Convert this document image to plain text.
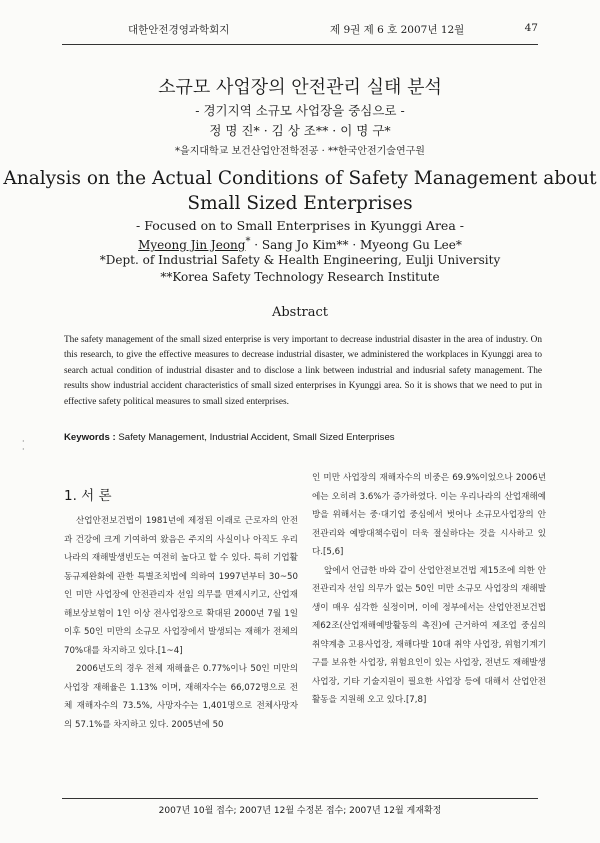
대한안전경영과학회지	제 9권 제 6 호 2007년 12월	47
소규모 사업장의 안전관리 실태 분석
- 경기지역 소규모 사업장을 중심으로 -
정 명 진* · 김 상 조** · 이 명 구*
*을지대학교 보건산업안전학전공 · **한국안전기술연구원
Analysis on the Actual Conditions of Safety Management about
Small Sized Enterprises
- Focused on to Small Enterprises in Kyunggi Area -
Myeong Jin Jeong* · Sang Jo Kim** · Myeong Gu Lee*
*Dept. of Industrial Safety & Health Engineering, Eulji University
**Korea Safety Technology Research Institute
Abstract

The safety management of the small sized enterprise is very important to decrease industrial disaster in the area of industry. On this research, to give the effective measures to decrease industrial disaster, we administered the workplaces in Kyunggi area to search actual condition of industrial disaster and to disclose a link between industrial and indusrial safety management. The results show industrial accident characteristics of small sized enterprises in Kyunggi area. So it is shows that we need to put in effective safety political measures to small sized enterprises.

Keywords : Safety Management, Industrial Accident, Small Sized Enterprises
·
·
1. 서 론

산업안전보건법이 1981년에 제정된 이래로 근로자의 안전과 건강에 크게 기여하여 왔음은 주지의 사실이나 아직도 우리나라의 재해발생빈도는 여전히 높다고 할 수 있다. 특히 기업활동규제완화에 관한 특별조치법에 의하여 1997년부터 30~50인 미만 사업장에 안전관리자 선임 의무를 면제시키고, 산업재해보상보험이 1인 이상 전사업장으로 확대된 2000년 7월 1일 이후 50인 미만의 소규모 사업장에서 발생되는 재해가 전체의 70%대를 차지하고 있다.[1~4]

2006년도의 경우 전체 재해율은 0.77%이나 50인 미만의 사업장 재해율은 1.13% 이며, 재해자수는 66,072명으로 전체 재해자수의 73.5%, 사망자수는 1,401명으로 전체사망자의 57.1%를 차지하고 있다. 2005년에 50

인 미만 사업장의 재해자수의 비중은 69.9%이었으나 2006년에는 오히려 3.6%가 증가하였다. 이는 우리나라의 산업재해예방을 위해서는 중·대기업 중심에서 벗어나 소규모사업장의 안전관리와 예방대책수립이 더욱 절실하다는 것을 시사하고 있다.[5,6]

앞에서 언급한 바와 같이 산업안전보건법 제15조에 의한 안전관리자 선임 의무가 없는 50인 미만 소규모 사업장의 재해발생이 매우 심각한 실정이며, 이에 정부에서는 산업안전보건법 제62조(산업재해예방활동의 촉진)에 근거하여 제조업 중심의 취약계층 고용사업장, 재해다발 10대 취약 사업장, 위험기계기구를 보유한 사업장, 위험요인이 있는 사업장, 전년도 재해발생 사업장, 기타 기술지원이 필요한 사업장 등에 대해서 산업안전활동을 지원해 오고 있다.[7,8]

2007년 10월 접수; 2007년 12월 수정본 접수; 2007년 12월 게재확정
